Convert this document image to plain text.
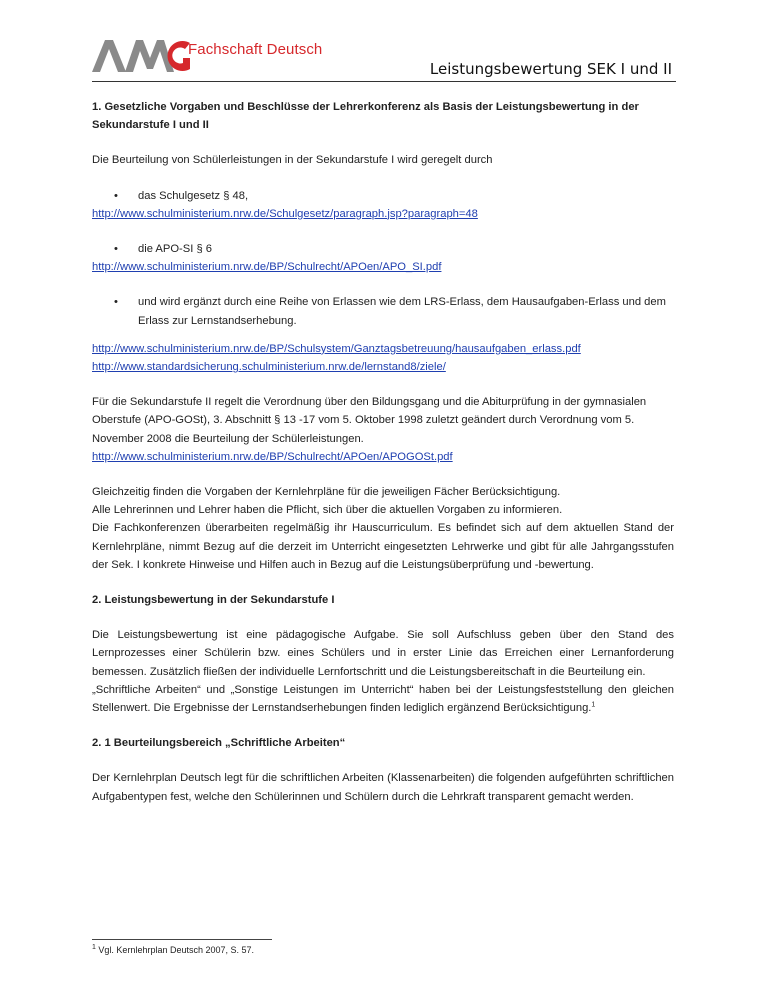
Fachschaft Deutsch
Leistungsbewertung SEK I und II

1. Gesetzliche Vorgaben und Beschlüsse der Lehrerkonferenz als Basis der Leistungsbewertung in der Sekundarstufe I und II

Die Beurteilung von Schülerleistungen in der Sekundarstufe I wird geregelt durch

•	das Schulgesetz § 48,

http://www.schulministerium.nrw.de/Schulgesetz/paragraph.jsp?paragraph=48

•	die APO-SI § 6

http://www.schulministerium.nrw.de/BP/Schulrecht/APOen/APO_SI.pdf

•	und wird ergänzt durch eine Reihe von Erlassen wie dem LRS-Erlass, dem Hausaufgaben-Erlass und dem Erlass zur Lernstandserhebung.

http://www.schulministerium.nrw.de/BP/Schulsystem/Ganztagsbetreuung/hausaufgaben_erlass.pdf

http://www.standardsicherung.schulministerium.nrw.de/lernstand8/ziele/

Für die Sekundarstufe II regelt die Verordnung über den Bildungsgang und die Abiturprüfung in der gymnasialen Oberstufe (APO-GOSt), 3. Abschnitt § 13 -17 vom 5. Oktober 1998 zuletzt geändert durch Verordnung vom 5. November 2008 die Beurteilung der Schülerleistungen.

http://www.schulministerium.nrw.de/BP/Schulrecht/APOen/APOGOSt.pdf

Gleichzeitig finden die Vorgaben der Kernlehrpläne für die jeweiligen Fächer Berücksichtigung.

Alle Lehrerinnen und Lehrer haben die Pflicht, sich über die aktuellen Vorgaben zu informieren.

Die Fachkonferenzen überarbeiten regelmäßig ihr Hauscurriculum. Es befindet sich auf dem aktuellen Stand der Kernlehrpläne, nimmt Bezug auf die derzeit im Unterricht eingesetzten Lehrwerke und gibt für alle Jahrgangsstufen der Sek. I konkrete Hinweise und Hilfen auch in Bezug auf die Leistungsüberprüfung und -bewertung.

2. Leistungsbewertung in der Sekundarstufe I

Die Leistungsbewertung ist eine pädagogische Aufgabe. Sie soll Aufschluss geben über den Stand des Lernprozesses einer Schülerin bzw. eines Schülers und in erster Linie das Erreichen einer Lernanforderung bemessen. Zusätzlich fließen der individuelle Lernfortschritt und die Leistungsbereitschaft in die Beurteilung ein.

„Schriftliche Arbeiten“ und „Sonstige Leistungen im Unterricht“ haben bei der Leistungsfeststellung den gleichen Stellenwert. Die Ergebnisse der Lernstandserhebungen finden lediglich ergänzend Berücksichtigung.$^1$

2. 1 Beurteilungsbereich „Schriftliche Arbeiten“

Der Kernlehrplan Deutsch legt für die schriftlichen Arbeiten (Klassenarbeiten) die folgenden aufgeführten schriftlichen Aufgabentypen fest, welche den Schülerinnen und Schülern durch die Lehrkraft transparent gemacht werden.

$^1$ Vgl. Kernlehrplan Deutsch 2007, S. 57.
